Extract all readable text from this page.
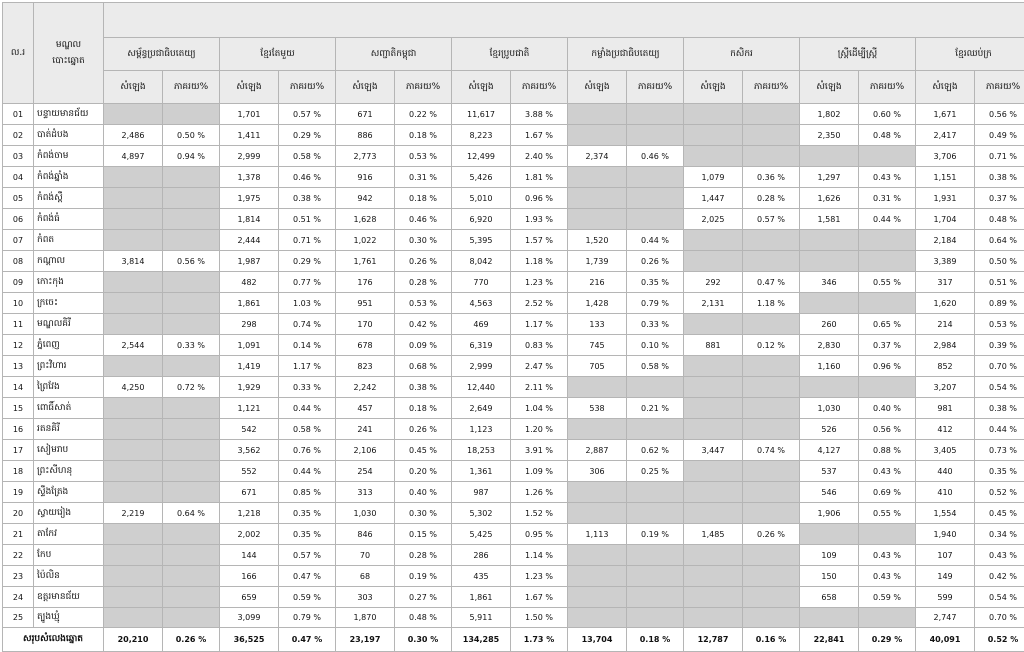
ល.រ	មណ្ឌល
បោះឆ្នោត																
		សម្ព័ន្ធប្រជាធិបតេយ្យ		ខ្មែរតែមួយ		សញ្ជាតិកម្ពុជា		ខ្មែរប្រូបជាតិ		កម្លាំងប្រជាធិបតេយ្យ		កសិករ		ស្ត្រីដើម្បីស្ត្រី		ខ្មែរឈប់ក្រ	
		សំឡេង	ភាគរយ%	សំឡេង	ភាគរយ%	សំឡេង	ភាគរយ%	សំឡេង	ភាគរយ%	សំឡេង	ភាគរយ%	សំឡេង	ភាគរយ%	សំឡេង	ភាគរយ%	សំឡេង	ភាគរយ%
01	បន្ទាយមានជ័យ			1,701	0.57 %	671	0.22 %	11,617	3.88 %					1,802	0.60 %	1,671	0.56 %
02	បាត់ដំបង	2,486	0.50 %	1,411	0.29 %	886	0.18 %	8,223	1.67 %					2,350	0.48 %	2,417	0.49 %
03	កំពង់ចាម	4,897	0.94 %	2,999	0.58 %	2,773	0.53 %	12,499	2.40 %	2,374	0.46 %					3,706	0.71 %
04	កំពង់ឆ្នាំង			1,378	0.46 %	916	0.31 %	5,426	1.81 %			1,079	0.36 %	1,297	0.43 %	1,151	0.38 %
05	កំពង់ស្ពឺ			1,975	0.38 %	942	0.18 %	5,010	0.96 %			1,447	0.28 %	1,626	0.31 %	1,931	0.37 %
06	កំពង់ធំ			1,814	0.51 %	1,628	0.46 %	6,920	1.93 %			2,025	0.57 %	1,581	0.44 %	1,704	0.48 %
07	កំពត			2,444	0.71 %	1,022	0.30 %	5,395	1.57 %	1,520	0.44 %					2,184	0.64 %
08	កណ្ដាល	3,814	0.56 %	1,987	0.29 %	1,761	0.26 %	8,042	1.18 %	1,739	0.26 %					3,389	0.50 %
09	កោះកុង			482	0.77 %	176	0.28 %	770	1.23 %	216	0.35 %	292	0.47 %	346	0.55 %	317	0.51 %
10	ក្រចេះ			1,861	1.03 %	951	0.53 %	4,563	2.52 %	1,428	0.79 %	2,131	1.18 %			1,620	0.89 %
11	មណ្ឌលគិរី			298	0.74 %	170	0.42 %	469	1.17 %	133	0.33 %			260	0.65 %	214	0.53 %
12	ភ្នំពេញ	2,544	0.33 %	1,091	0.14 %	678	0.09 %	6,319	0.83 %	745	0.10 %	881	0.12 %	2,830	0.37 %	2,984	0.39 %
13	ព្រះវិហារ			1,419	1.17 %	823	0.68 %	2,999	2.47 %	705	0.58 %			1,160	0.96 %	852	0.70 %
14	ព្រៃវែង	4,250	0.72 %	1,929	0.33 %	2,242	0.38 %	12,440	2.11 %							3,207	0.54 %
15	ពោធិ៍សាត់			1,121	0.44 %	457	0.18 %	2,649	1.04 %	538	0.21 %			1,030	0.40 %	981	0.38 %
16	រតនគិរី			542	0.58 %	241	0.26 %	1,123	1.20 %					526	0.56 %	412	0.44 %
17	សៀមរាប			3,562	0.76 %	2,106	0.45 %	18,253	3.91 %	2,887	0.62 %	3,447	0.74 %	4,127	0.88 %	3,405	0.73 %
18	ព្រះសីហនុ			552	0.44 %	254	0.20 %	1,361	1.09 %	306	0.25 %			537	0.43 %	440	0.35 %
19	ស្ទឹងត្រែង			671	0.85 %	313	0.40 %	987	1.26 %					546	0.69 %	410	0.52 %
20	ស្វាយរៀង	2,219	0.64 %	1,218	0.35 %	1,030	0.30 %	5,302	1.52 %					1,906	0.55 %	1,554	0.45 %
21	តាកែវ			2,002	0.35 %	846	0.15 %	5,425	0.95 %	1,113	0.19 %	1,485	0.26 %			1,940	0.34 %
22	កែប			144	0.57 %	70	0.28 %	286	1.14 %					109	0.43 %	107	0.43 %
23	ប៉ៃលិន			166	0.47 %	68	0.19 %	435	1.23 %					150	0.43 %	149	0.42 %
24	ឧត្តរមានជ័យ			659	0.59 %	303	0.27 %	1,861	1.67 %					658	0.59 %	599	0.54 %
25	ត្បូងឃ្មុំ			3,099	0.79 %	1,870	0.48 %	5,911	1.50 %							2,747	0.70 %
សរុបសំលេងឆ្នោត		20,210	0.26 %	36,525	0.47 %	23,197	0.30 %	134,285	1.73 %	13,704	0.18 %	12,787	0.16 %	22,841	0.29 %	40,091	0.52 %
